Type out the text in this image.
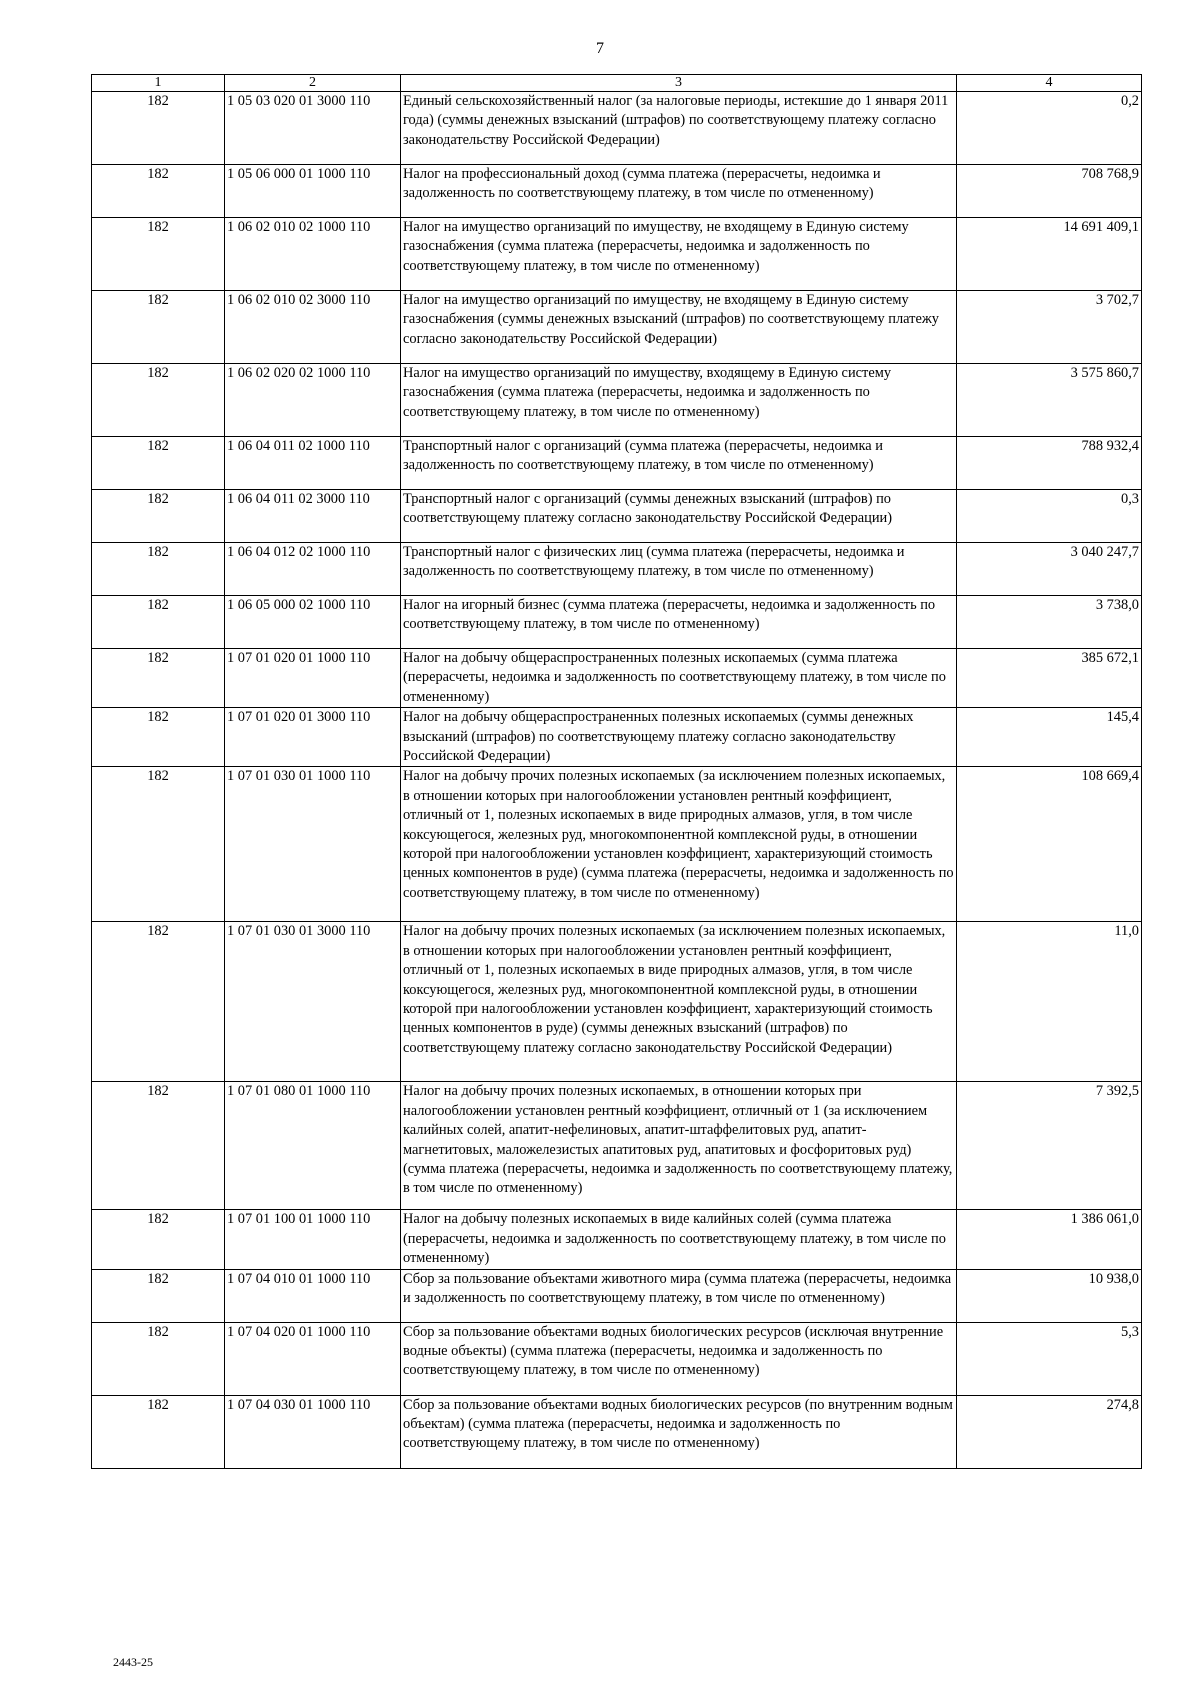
7
1	2	3	4
182	1 05 03 020 01 3000 110	Единый сельскохозяйственный налог (за налоговые периоды, истекшие до 1 января 2011 года) (суммы денежных взысканий (штрафов) по соответствующему платежу согласно законодательству Российской Федерации)	0,2
182	1 05 06 000 01 1000 110	Налог на профессиональный доход (сумма платежа (перерасчеты, недоимка и задолженность по соответствующему платежу, в том числе по отмененному)	708 768,9
182	1 06 02 010 02 1000 110	Налог на имущество организаций по имуществу, не входящему в Единую систему газоснабжения (сумма платежа (перерасчеты, недоимка и задолженность по соответствующему платежу, в том числе по отмененному)	14 691 409,1
182	1 06 02 010 02 3000 110	Налог на имущество организаций по имуществу, не входящему в Единую систему газоснабжения (суммы денежных взысканий (штрафов) по соответствующему платежу согласно законодательству Российской Федерации)	3 702,7
182	1 06 02 020 02 1000 110	Налог на имущество организаций по имуществу, входящему в Единую систему газоснабжения (сумма платежа (перерасчеты, недоимка и задолженность по соответствующему платежу, в том числе по отмененному)	3 575 860,7
182	1 06 04 011 02 1000 110	Транспортный налог с организаций (сумма платежа (перерасчеты, недоимка и задолженность по соответствующему платежу, в том числе по отмененному)	788 932,4
182	1 06 04 011 02 3000 110	Транспортный налог с организаций (суммы денежных взысканий (штрафов) по соответствующему платежу согласно законодательству Российской Федерации)	0,3
182	1 06 04 012 02 1000 110	Транспортный налог с физических лиц (сумма платежа (перерасчеты, недоимка и задолженность по соответствующему платежу, в том числе по отмененному)	3 040 247,7
182	1 06 05 000 02 1000 110	Налог на игорный бизнес (сумма платежа (перерасчеты, недоимка и задолженность по соответствующему платежу, в том числе по отмененному)	3 738,0
182	1 07 01 020 01 1000 110	Налог на добычу общераспространенных полезных ископаемых (сумма платежа (перерасчеты, недоимка и задолженность по соответствующему платежу, в том числе по отмененному)	385 672,1
182	1 07 01 020 01 3000 110	Налог на добычу общераспространенных полезных ископаемых (суммы денежных взысканий (штрафов) по соответствующему платежу согласно законодательству Российской Федерации)	145,4
182	1 07 01 030 01 1000 110	Налог на добычу прочих полезных ископаемых (за исключением полезных ископаемых, в отношении которых при налогообложении установлен рентный коэффициент, отличный от 1, полезных ископаемых в виде природных алмазов, угля, в том числе коксующегося, железных руд, многокомпонентной комплексной руды, в отношении которой при налогообложении установлен коэффициент, характеризующий стоимость ценных компонентов в руде) (сумма платежа (перерасчеты, недоимка и задолженность по соответствующему платежу, в том числе по отмененному)	108 669,4
182	1 07 01 030 01 3000 110	Налог на добычу прочих полезных ископаемых (за исключением полезных ископаемых, в отношении которых при налогообложении установлен рентный коэффициент, отличный от 1, полезных ископаемых в виде природных алмазов, угля, в том числе коксующегося, железных руд, многокомпонентной комплексной руды, в отношении которой при налогообложении установлен коэффициент, характеризующий стоимость ценных компонентов в руде) (суммы денежных взысканий (штрафов) по соответствующему платежу согласно законодательству Российской Федерации)	11,0
182	1 07 01 080 01 1000 110	Налог на добычу прочих полезных ископаемых, в отношении которых при налогообложении установлен рентный коэффициент, отличный от 1 (за исключением калийных солей, апатит-нефелиновых, апатит-штаффелитовых руд, апатит-магнетитовых, маложелезистых апатитовых руд, апатитовых и фосфоритовых руд) (сумма платежа (перерасчеты, недоимка и задолженность по соответствующему платежу, в том числе по отмененному)	7 392,5
182	1 07 01 100 01 1000 110	Налог на добычу полезных ископаемых в виде калийных солей (сумма платежа (перерасчеты, недоимка и задолженность по соответствующему платежу, в том числе по отмененному)	1 386 061,0
182	1 07 04 010 01 1000 110	Сбор за пользование объектами животного мира (сумма платежа (перерасчеты, недоимка и задолженность по соответствующему платежу, в том числе по отмененному)	10 938,0
182	1 07 04 020 01 1000 110	Сбор за пользование объектами водных биологических ресурсов (исключая внутренние водные объекты) (сумма платежа (перерасчеты, недоимка и задолженность по соответствующему платежу, в том числе по отмененному)	5,3
182	1 07 04 030 01 1000 110	Сбор за пользование объектами водных биологических ресурсов (по внутренним водным объектам) (сумма платежа (перерасчеты, недоимка и задолженность по соответствующему платежу, в том числе по отмененному)	274,8
2443-25
